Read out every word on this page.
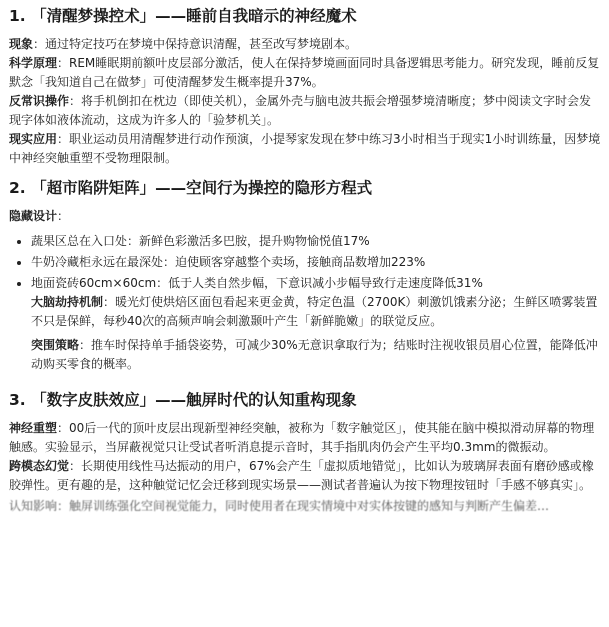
1. 「清醒梦操控术」——睡前自我暗示的神经魔术

现象：通过特定技巧在梦境中保持意识清醒，甚至改写梦境剧本。

科学原理：REM睡眠期前额叶皮层部分激活，使人在保持梦境画面同时具备逻辑思考能力。研究发现，睡前反复默念「我知道自己在做梦」可使清醒梦发生概率提升37%。

反常识操作：将手机倒扣在枕边（即使关机），金属外壳与脑电波共振会增强梦境清晰度；梦中阅读文字时会发现字体如液体流动，这成为许多人的「验梦机关」。

现实应用：职业运动员用清醒梦进行动作预演，小提琴家发现在梦中练习3小时相当于现实1小时训练量，因梦境中神经突触重塑不受物理限制。

2. 「超市陷阱矩阵」——空间行为操控的隐形方程式

隐藏设计：

• 蔬果区总在入口处：新鲜色彩激活多巴胺，提升购物愉悦值17%
• 牛奶冷藏柜永远在最深处：迫使顾客穿越整个卖场，接触商品数增加223%
• 地面瓷砖60cm×60cm：低于人类自然步幅，下意识减小步幅导致行走速度降低31%

大脑劫持机制：暖光灯使烘焙区面包看起来更金黄，特定色温（2700K）刺激饥饿素分泌；生鲜区喷雾装置不只是保鲜，每秒40次的高频声响会刺激颞叶产生「新鲜脆嫩」的联觉反应。

突围策略：推车时保持单手插袋姿势，可减少30%无意识拿取行为；结账时注视收银员眉心位置，能降低冲动购买零食的概率。

3. 「数字皮肤效应」——触屏时代的认知重构现象

神经重塑：00后一代的顶叶皮层出现新型神经突触，被称为「数字触觉区」，使其能在脑中模拟滑动屏幕的物理触感。实验显示，当屏蔽视觉只让受试者听消息提示音时，其手指肌肉仍会产生平均0.3mm的微振动。

跨模态幻觉：长期使用线性马达振动的用户，67%会产生「虚拟质地错觉」，比如认为玻璃屏表面有磨砂感或橡胶弹性。更有趣的是，这种触觉记忆会迁移到现实场景——测试者普遍认为按下物理按钮时「手感不够真实」。

认知影响：触屏训练强化空间视觉能力，同时使用者在现实情境中对实体按键的感知与判断产生偏差…
